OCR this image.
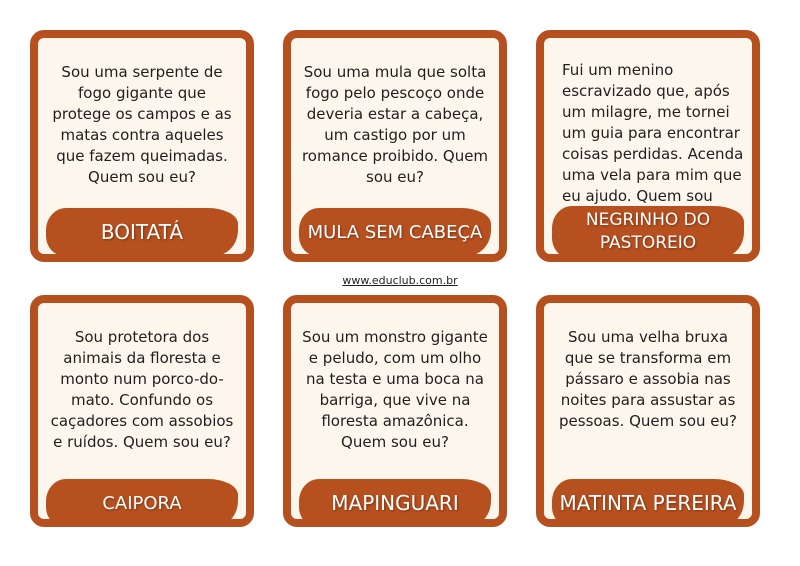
Sou uma serpente de fogo gigante que protege os campos e as matas contra aqueles que fazem queimadas. Quem sou eu?

BOITATÁ

Sou uma mula que solta fogo pelo pescoço onde deveria estar a cabeça, um castigo por um romance proibido. Quem sou eu?

MULA SEM CABEÇA

Fui um menino escravizado que, após um milagre, me tornei um guia para encontrar coisas perdidas. Acenda uma vela para mim que eu ajudo. Quem sou

NEGRINHO DO PASTOREIO
www.educlub.com.br

Sou protetora dos animais da floresta e monto num porco-do-mato. Confundo os caçadores com assobios e ruídos. Quem sou eu?

CAIPORA

Sou um monstro gigante e peludo, com um olho na testa e uma boca na barriga, que vive na floresta amazônica. Quem sou eu?

MAPINGUARI

Sou uma velha bruxa que se transforma em pássaro e assobia nas noites para assustar as pessoas. Quem sou eu?

MATINTA PEREIRA
